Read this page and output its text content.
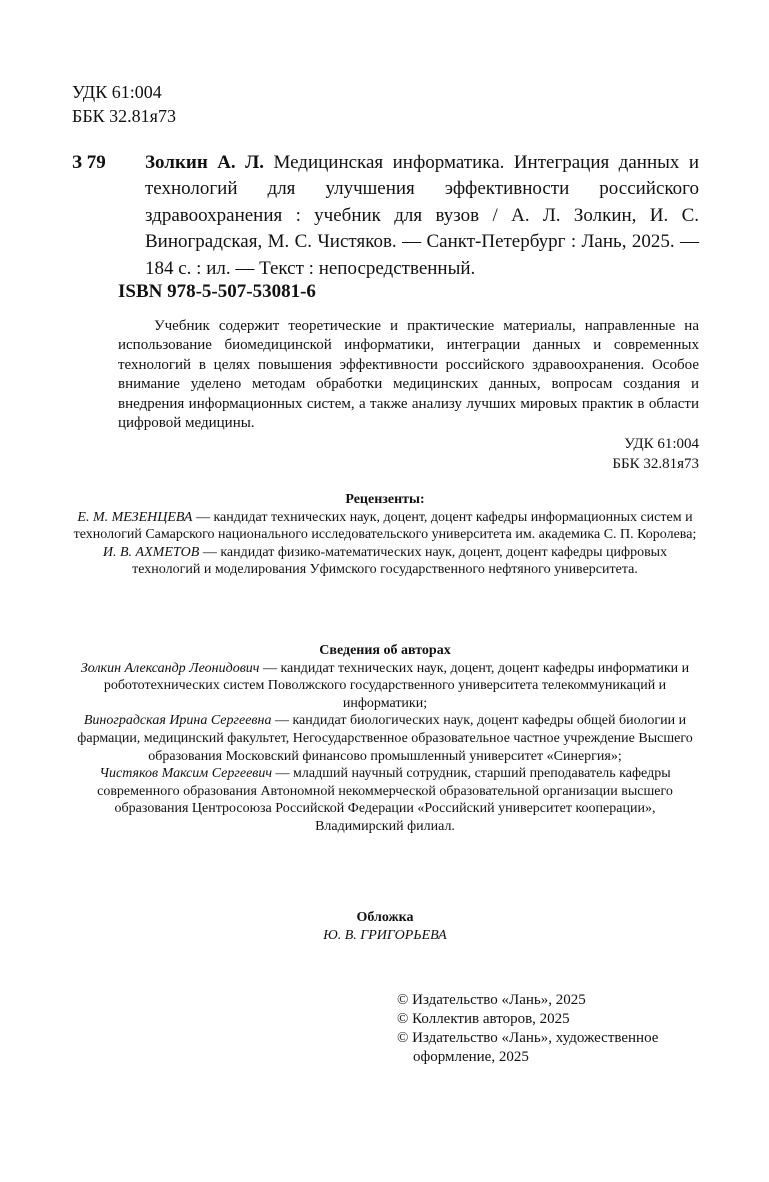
УДК 61:004
ББК 32.81я73
З 79 Золкин А. Л. Медицинская информатика. Интеграция данных и технологий для улучшения эффективности российского здравоохранения : учебник для вузов / А. Л. Золкин, И. С. Виноградская, М. С. Чистяков. — Санкт-Петербург : Лань, 2025. — 184 с. : ил. — Текст : непосредственный.
ISBN 978-5-507-53081-6

Учебник содержит теоретические и практические материалы, направленные на использование биомедицинской информатики, интеграции данных и современных технологий в целях повышения эффективности российского здравоохранения. Особое внимание уделено методам обработки медицинских данных, вопросам создания и внедрения информационных систем, а также анализу лучших мировых практик в области цифровой медицины.

УДК 61:004
ББК 32.81я73
Рецензенты:
Е. М. МЕЗЕНЦЕВА — кандидат технических наук, доцент, доцент кафедры информационных систем и технологий Самарского национального исследовательского университета им. академика С. П. Королева;
И. В. АХМЕТОВ — кандидат физико-математических наук, доцент, доцент кафедры цифровых технологий и моделирования Уфимского государственного нефтяного университета.
Сведения об авторах
Золкин Александр Леонидович — кандидат технических наук, доцент, доцент кафедры информатики и робототехнических систем Поволжского государственного университета телекоммуникаций и информатики;
Виноградская Ирина Сергеевна — кандидат биологических наук, доцент кафедры общей биологии и фармации, медицинский факультет, Негосударственное образовательное частное учреждение Высшего образования Московский финансово промышленный университет «Синергия»;
Чистяков Максим Сергеевич — младший научный сотрудник, старший преподаватель кафедры современного образования Автономной некоммерческой образовательной организации высшего образования Центросоюза Российской Федерации «Российский университет кооперации», Владимирский филиал.
Обложка
Ю. В. ГРИГОРЬЕВА
© Издательство «Лань», 2025
© Коллектив авторов, 2025
© Издательство «Лань», художественное оформление, 2025
